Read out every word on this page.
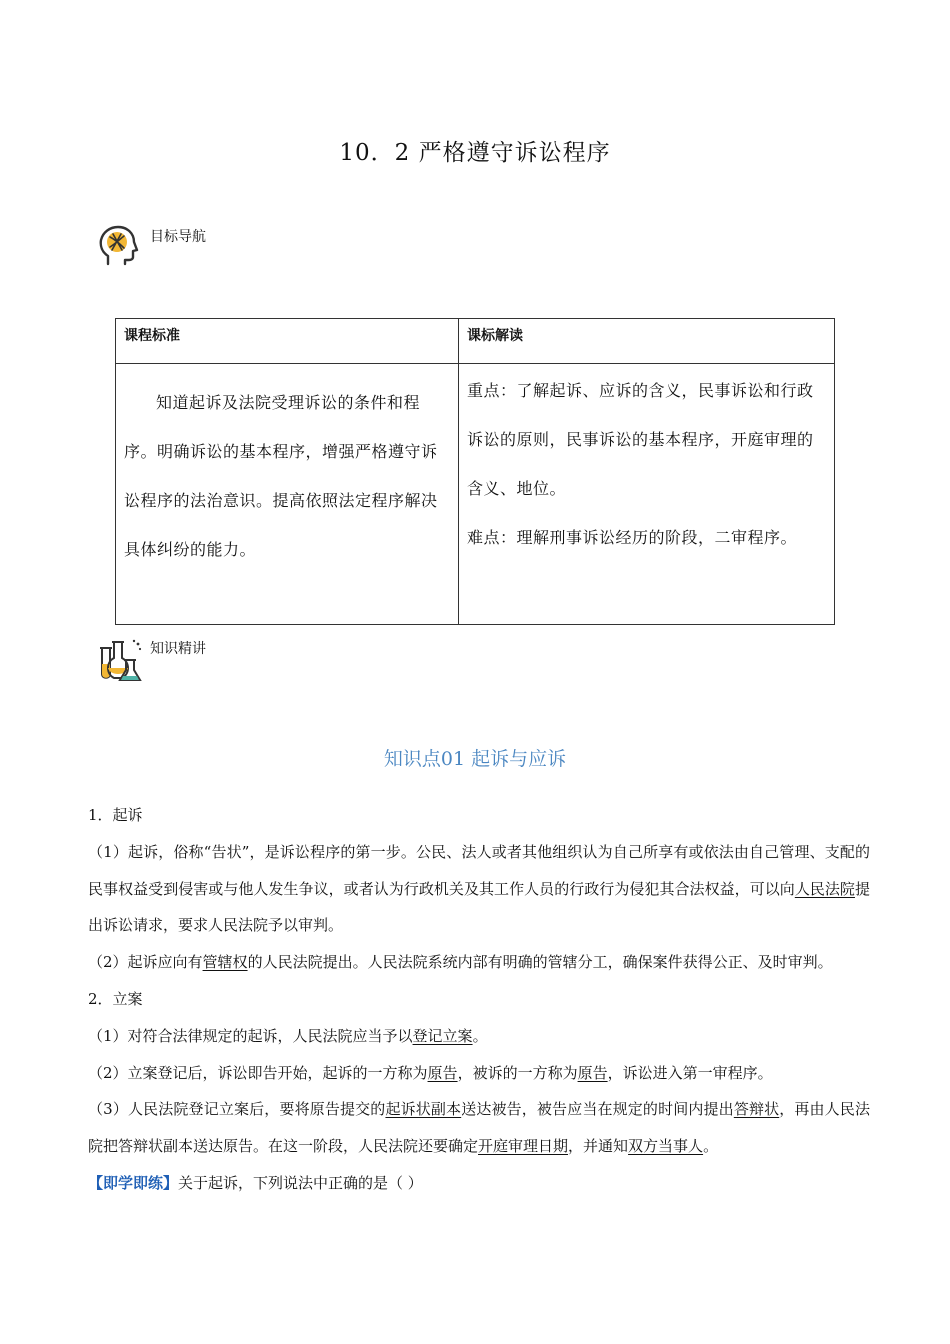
10．2 严格遵守诉讼程序
目标导航
课程标准	课标解读
知道起诉及法院受理诉讼的条件和程序。明确诉讼的基本程序，增强严格遵守诉讼程序的法治意识。提高依照法定程序解决具体纠纷的能力。	重点：了解起诉、应诉的含义，民事诉讼和行政诉讼的原则，民事诉讼的基本程序，开庭审理的含义、地位。
难点：理解刑事诉讼经历的阶段，二审程序。
知识精讲
知识点01 起诉与应诉

1．起诉

（1）起诉，俗称“告状”，是诉讼程序的第一步。公民、法人或者其他组织认为自己所享有或依法由自己管理、支配的民事权益受到侵害或与他人发生争议，或者认为行政机关及其工作人员的行政行为侵犯其合法权益，可以向人民法院提出诉讼请求，要求人民法院予以审判。

（2）起诉应向有管辖权的人民法院提出。人民法院系统内部有明确的管辖分工，确保案件获得公正、及时审判。

2．立案

（1）对符合法律规定的起诉，人民法院应当予以登记立案。

（2）立案登记后，诉讼即告开始，起诉的一方称为原告，被诉的一方称为原告，诉讼进入第一审程序。

（3）人民法院登记立案后，要将原告提交的起诉状副本送达被告，被告应当在规定的时间内提出答辩状，再由人民法院把答辩状副本送达原告。在这一阶段，人民法院还要确定开庭审理日期，并通知双方当事人。

【即学即练】关于起诉，下列说法中正确的是（ ）
